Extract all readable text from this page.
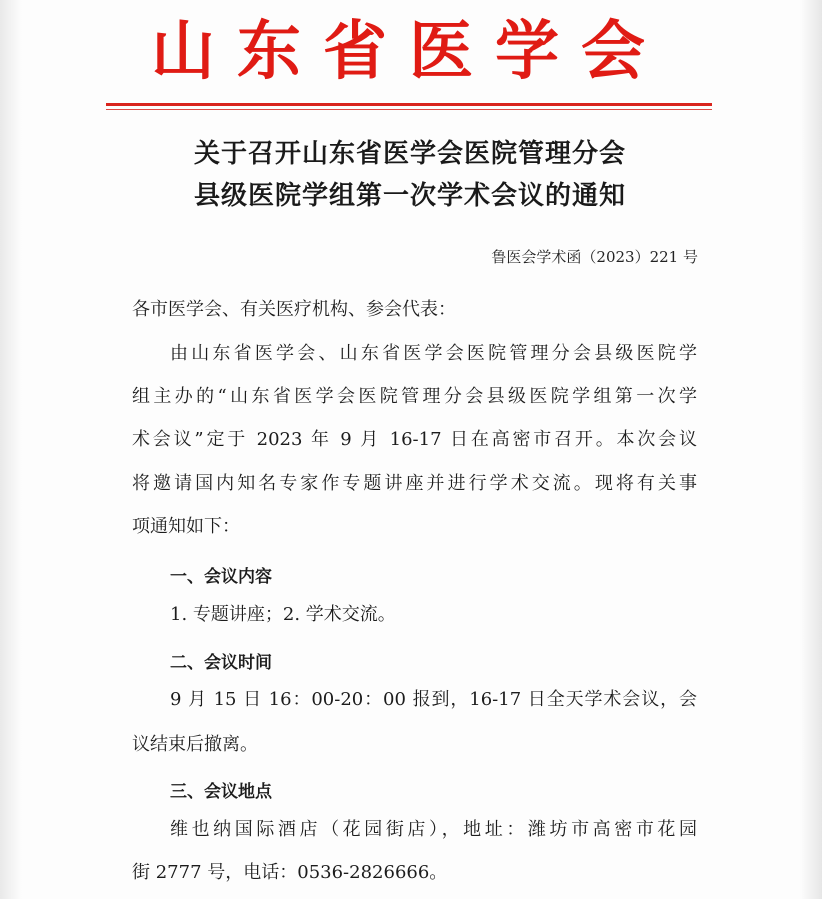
山东省医学会
关于召开山东省医学会医院管理分会
县级医院学组第一次学术会议的通知
鲁医会学术函（2023）221 号
各市医学会、有关医疗机构、参会代表：
由山东省医学会、山东省医学会医院管理分会县级医院学
组主办的“山东省医学会医院管理分会县级医院学组第一次学
术会议”定于 2023 年 9 月 16-17 日在高密市召开。本次会议
将邀请国内知名专家作专题讲座并进行学术交流。现将有关事
项通知如下：
一、会议内容
1. 专题讲座；2. 学术交流。
二、会议时间
9 月 15 日 16：00-20：00 报到，16-17 日全天学术会议，会
议结束后撤离。
三、会议地点
维也纳国际酒店（花园街店），地址：潍坊市高密市花园
街 2777 号，电话：0536-2826666。
